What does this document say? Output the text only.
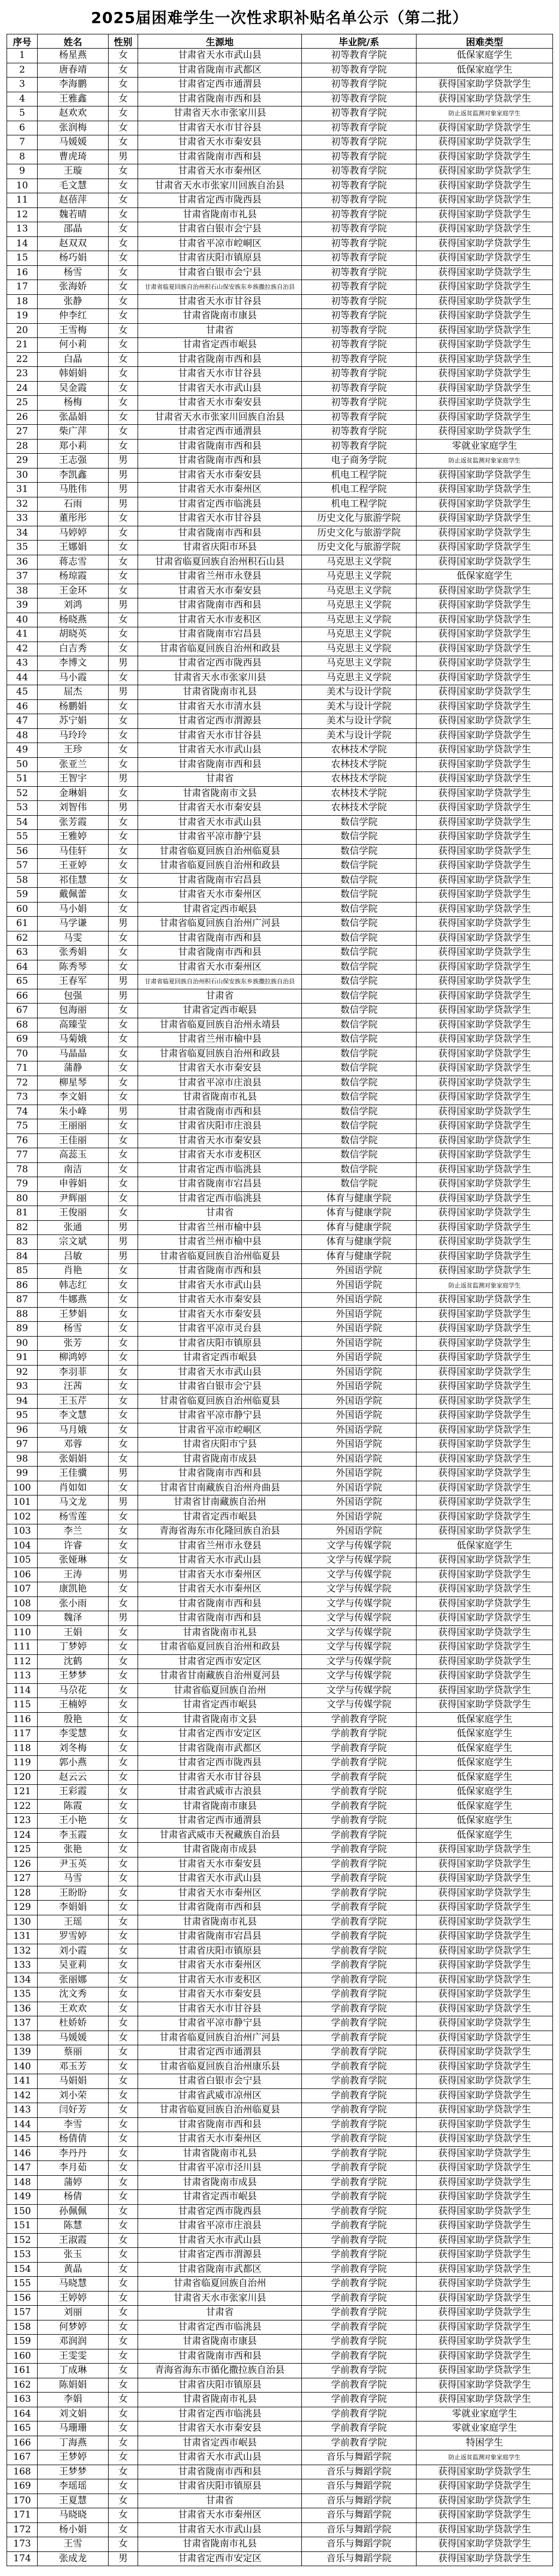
2025届困难学生一次性求职补贴名单公示（第二批）
序号	姓名	性别	生源地	毕业院/系	困难类型
1	杨星燕	女	甘肃省天水市武山县	初等教育学院	低保家庭学生
2	唐春靖	女	甘肃省陇南市武都区	初等教育学院	低保家庭学生
3	李海鹏	女	甘肃省定西市通渭县	初等教育学院	获得国家助学贷款学生
4	王雅鑫	女	甘肃省陇南市西和县	初等教育学院	获得国家助学贷款学生
5	赵欢欢	女	甘肃省天水市张家川县	初等教育学院	防止返贫监测对象家庭学生
6	张润梅	女	甘肃省天水市甘谷县	初等教育学院	获得国家助学贷款学生
7	马媛媛	女	甘肃省天水市秦安县	初等教育学院	获得国家助学贷款学生
8	曹虎琦	男	甘肃省陇南市西和县	初等教育学院	获得国家助学贷款学生
9	王璇	女	甘肃省天水市秦州区	初等教育学院	获得国家助学贷款学生
10	毛文慧	女	甘肃省天水市张家川回族自治县	初等教育学院	获得国家助学贷款学生
11	赵蓓萍	女	甘肃省定西市陇西县	初等教育学院	获得国家助学贷款学生
12	魏若晴	女	甘肃省陇南市礼县	初等教育学院	获得国家助学贷款学生
13	邵晶	女	甘肃省白银市会宁县	初等教育学院	获得国家助学贷款学生
14	赵双双	女	甘肃省平凉市崆峒区	初等教育学院	获得国家助学贷款学生
15	杨巧娟	女	甘肃省庆阳市镇原县	初等教育学院	获得国家助学贷款学生
16	杨雪	女	甘肃省白银市会宁县	初等教育学院	获得国家助学贷款学生
17	张海娇	女	甘肃省临夏回族自治州积石山保安族东乡族撒拉族自治县	初等教育学院	获得国家助学贷款学生
18	张静	女	甘肃省天水市甘谷县	初等教育学院	获得国家助学贷款学生
19	仲李红	女	甘肃省陇南市康县	初等教育学院	获得国家助学贷款学生
20	王雪梅	女	甘肃省	初等教育学院	获得国家助学贷款学生
21	何小莉	女	甘肃省定西市岷县	初等教育学院	获得国家助学贷款学生
22	白晶	女	甘肃省陇南市西和县	初等教育学院	获得国家助学贷款学生
23	韩娟娟	女	甘肃省天水市甘谷县	初等教育学院	获得国家助学贷款学生
24	吴金霞	女	甘肃省天水市武山县	初等教育学院	获得国家助学贷款学生
25	杨梅	女	甘肃省天水市秦安县	初等教育学院	获得国家助学贷款学生
26	张晶娟	女	甘肃省天水市张家川回族自治县	初等教育学院	获得国家助学贷款学生
27	柴广萍	女	甘肃省定西市通渭县	初等教育学院	获得国家助学贷款学生
28	郑小莉	女	甘肃省陇南市西和县	初等教育学院	零就业家庭学生
29	王志强	男	甘肃省陇南市西和县	电子商务学院	防止返贫监测对象家庭学生
30	李凯鑫	男	甘肃省天水市秦安县	机电工程学院	获得国家助学贷款学生
31	马胜伟	男	甘肃省天水市秦州区	机电工程学院	获得国家助学贷款学生
32	石雨	男	甘肃省定西市临洮县	机电工程学院	获得国家助学贷款学生
33	董彤彤	女	甘肃省天水市甘谷县	历史文化与旅游学院	获得国家助学贷款学生
34	马婷婷	女	甘肃省陇南市西和县	历史文化与旅游学院	获得国家助学贷款学生
35	王娜娟	女	甘肃省庆阳市环县	历史文化与旅游学院	获得国家助学贷款学生
36	蒋志雪	女	甘肃省临夏回族自治州积石山县	马克思主义学院	获得国家助学贷款学生
37	杨琼霞	女	甘肃省兰州市永登县	马克思主义学院	低保家庭学生
38	王金环	女	甘肃省天水市秦安县	马克思主义学院	获得国家助学贷款学生
39	刘鸿	男	甘肃省陇南市西和县	马克思主义学院	获得国家助学贷款学生
40	杨晓燕	女	甘肃省天水市麦积区	马克思主义学院	获得国家助学贷款学生
41	胡晓英	女	甘肃省陇南市宕昌县	马克思主义学院	获得国家助学贷款学生
42	白吉秀	女	甘肃省临夏回族自治州和政县	马克思主义学院	获得国家助学贷款学生
43	李博文	男	甘肃省定西市陇西县	马克思主义学院	获得国家助学贷款学生
44	马小霞	女	甘肃省天水市张家川县	马克思主义学院	获得国家助学贷款学生
45	屈杰	男	甘肃省陇南市礼县	美术与设计学院	获得国家助学贷款学生
46	杨鹏娟	女	甘肃省天水市清水县	美术与设计学院	获得国家助学贷款学生
47	苏宁娟	女	甘肃省定西市渭源县	美术与设计学院	获得国家助学贷款学生
48	马玲玲	女	甘肃省天水市甘谷县	美术与设计学院	获得国家助学贷款学生
49	王珍	女	甘肃省天水市武山县	农林技术学院	获得国家助学贷款学生
50	张亚兰	女	甘肃省陇南市西和县	农林技术学院	获得国家助学贷款学生
51	王智宇	男	甘肃省	农林技术学院	获得国家助学贷款学生
52	金琳娟	女	甘肃省陇南市文县	农林技术学院	获得国家助学贷款学生
53	刘智伟	男	甘肃省天水市秦安县	农林技术学院	获得国家助学贷款学生
54	张芳霞	女	甘肃省天水市武山县	数信学院	获得国家助学贷款学生
55	王雅婷	女	甘肃省平凉市静宁县	数信学院	获得国家助学贷款学生
56	马佳轩	女	甘肃省临夏回族自治州临夏县	数信学院	获得国家助学贷款学生
57	王亚婷	女	甘肃省临夏回族自治州和政县	数信学院	获得国家助学贷款学生
58	祁佳慧	女	甘肃省陇南市宕昌县	数信学院	获得国家助学贷款学生
59	戴佩蕾	女	甘肃省天水市秦州区	数信学院	获得国家助学贷款学生
60	马小娟	女	甘肃省定西市岷县	数信学院	获得国家助学贷款学生
61	马学谦	男	甘肃省临夏回族自治州广河县	数信学院	获得国家助学贷款学生
62	马雯	女	甘肃省陇南市西和县	数信学院	获得国家助学贷款学生
63	张秀娟	女	甘肃省陇南市西和县	数信学院	获得国家助学贷款学生
64	陈秀琴	女	甘肃省天水市秦州区	数信学院	获得国家助学贷款学生
65	王春军	男	甘肃省临夏回族自治州积石山保安族东乡族撒拉族自治县	数信学院	获得国家助学贷款学生
66	包强	男	甘肃省	数信学院	获得国家助学贷款学生
67	包海丽	女	甘肃省定西市岷县	数信学院	获得国家助学贷款学生
68	高臻莹	女	甘肃省临夏回族自治州永靖县	数信学院	获得国家助学贷款学生
69	马菊娥	女	甘肃省兰州市榆中县	数信学院	获得国家助学贷款学生
70	马晶晶	女	甘肃省临夏回族自治州和政县	数信学院	获得国家助学贷款学生
71	蒲静	女	甘肃省天水市秦安县	数信学院	获得国家助学贷款学生
72	柳星琴	女	甘肃省平凉市庄浪县	数信学院	获得国家助学贷款学生
73	李文娟	女	甘肃省陇南市礼县	数信学院	获得国家助学贷款学生
74	朱小峰	男	甘肃省陇南市西和县	数信学院	获得国家助学贷款学生
75	王丽丽	女	甘肃省庆阳市庄浪县	数信学院	获得国家助学贷款学生
76	王佳丽	女	甘肃省天水市秦安县	数信学院	获得国家助学贷款学生
77	高蕊玉	女	甘肃省天水市麦积区	数信学院	获得国家助学贷款学生
78	南洁	女	甘肃省定西市临洮县	数信学院	获得国家助学贷款学生
79	申蓉娟	女	甘肃省陇南市宕昌县	数信学院	获得国家助学贷款学生
80	尹辉丽	女	甘肃省定西市临洮县	体育与健康学院	获得国家助学贷款学生
81	王俊丽	女	甘肃省	体育与健康学院	获得国家助学贷款学生
82	张通	男	甘肃省兰州市榆中县	体育与健康学院	获得国家助学贷款学生
83	宗文斌	男	甘肃省兰州市榆中县	体育与健康学院	获得国家助学贷款学生
84	吕敏	男	甘肃省临夏回族自治州临夏县	体育与健康学院	获得国家助学贷款学生
85	肖艳	女	甘肃省陇南市西和县	外国语学院	获得国家助学贷款学生
86	韩志红	女	甘肃省天水市武山县	外国语学院	防止返贫监测对象家庭学生
87	牛娜燕	女	甘肃省天水市秦安县	外国语学院	获得国家助学贷款学生
88	王梦娟	女	甘肃省天水市秦安县	外国语学院	获得国家助学贷款学生
89	杨雪	女	甘肃省平凉市灵台县	外国语学院	获得国家助学贷款学生
90	张芳	女	甘肃省庆阳市镇原县	外国语学院	获得国家助学贷款学生
91	柳鸿婷	女	甘肃省定西市岷县	外国语学院	获得国家助学贷款学生
92	李羽菲	女	甘肃省天水市武山县	外国语学院	获得国家助学贷款学生
93	汪茜	女	甘肃省白银市会宁县	外国语学院	获得国家助学贷款学生
94	王玉芹	女	甘肃省临夏回族自治州临夏县	外国语学院	获得国家助学贷款学生
95	李文慧	女	甘肃省平凉市静宁县	外国语学院	获得国家助学贷款学生
96	马月娥	女	甘肃省平凉市崆峒区	外国语学院	获得国家助学贷款学生
97	邓蓉	女	甘肃省庆阳市宁县	外国语学院	获得国家助学贷款学生
98	张娟娟	女	甘肃省陇南市成县	外国语学院	获得国家助学贷款学生
99	王佳骥	男	甘肃省陇南市西和县	外国语学院	获得国家助学贷款学生
100	肖如如	女	甘肃省甘南藏族自治州舟曲县	外国语学院	获得国家助学贷款学生
101	马文龙	男	甘肃省甘南藏族自治州	外国语学院	获得国家助学贷款学生
102	杨雪莲	女	甘肃省定西市岷县	外国语学院	获得国家助学贷款学生
103	李兰	女	青海省海东市化隆回族自治县	外国语学院	获得国家助学贷款学生
104	许睿	女	甘肃省兰州市永登县	文学与传媒学院	低保家庭学生
105	张娅琳	女	甘肃省天水市武山县	文学与传媒学院	获得国家助学贷款学生
106	王涛	男	甘肃省天水市秦州区	文学与传媒学院	获得国家助学贷款学生
107	康凯艳	女	甘肃省天水市秦州区	文学与传媒学院	获得国家助学贷款学生
108	张小雨	女	甘肃省陇南市西和县	文学与传媒学院	获得国家助学贷款学生
109	魏泽	男	甘肃省陇南市西和县	文学与传媒学院	获得国家助学贷款学生
110	王娟	女	甘肃省陇南市礼县	文学与传媒学院	获得国家助学贷款学生
111	丁梦婷	女	甘肃省临夏回族自治州和政县	文学与传媒学院	获得国家助学贷款学生
112	沈鹤	女	甘肃省定西市安定区	文学与传媒学院	获得国家助学贷款学生
113	王梦梦	女	甘肃省甘南藏族自治州夏河县	文学与传媒学院	获得国家助学贷款学生
114	马尕花	女	甘肃省临夏回族自治州	文学与传媒学院	获得国家助学贷款学生
115	王楠婷	女	甘肃省定西市岷县	文学与传媒学院	获得国家助学贷款学生
116	殷艳	女	甘肃省陇南市文县	学前教育学院	低保家庭学生
117	李雯慧	女	甘肃省定西市安定区	学前教育学院	低保家庭学生
118	刘冬梅	女	甘肃省陇南市武都区	学前教育学院	低保家庭学生
119	郭小燕	女	甘肃省定西市陇西县	学前教育学院	低保家庭学生
120	赵云云	女	甘肃省天水市甘谷县	学前教育学院	低保家庭学生
121	王彩霞	女	甘肃省武威市古浪县	学前教育学院	低保家庭学生
122	陈霞	女	甘肃省陇南市康县	学前教育学院	低保家庭学生
123	王小艳	女	甘肃省定西市通渭县	学前教育学院	低保家庭学生
124	李玉霞	女	甘肃省武威市天祝藏族自治县	学前教育学院	低保家庭学生
125	张艳	女	甘肃省陇南市成县	学前教育学院	获得国家助学贷款学生
126	尹玉英	女	甘肃省天水市秦安县	学前教育学院	获得国家助学贷款学生
127	马雪	女	甘肃省天水市武山县	学前教育学院	获得国家助学贷款学生
128	王盼盼	女	甘肃省天水市秦州区	学前教育学院	获得国家助学贷款学生
129	李娟娟	女	甘肃省陇南市西和县	学前教育学院	获得国家助学贷款学生
130	王瑶	女	甘肃省陇南市礼县	学前教育学院	获得国家助学贷款学生
131	罗雪婷	女	甘肃省陇南市宕昌县	学前教育学院	获得国家助学贷款学生
132	刘小霞	女	甘肃省庆阳市镇原县	学前教育学院	获得国家助学贷款学生
133	吴亚莉	女	甘肃省天水市秦州区	学前教育学院	获得国家助学贷款学生
134	张丽娜	女	甘肃省天水市麦积区	学前教育学院	获得国家助学贷款学生
135	沈文秀	女	甘肃省天水市秦安县	学前教育学院	获得国家助学贷款学生
136	王欢欢	女	甘肃省天水市甘谷县	学前教育学院	获得国家助学贷款学生
137	杜娇娇	女	甘肃省平凉市静宁县	学前教育学院	获得国家助学贷款学生
138	马媛媛	女	甘肃省临夏回族自治州广河县	学前教育学院	获得国家助学贷款学生
139	蔡丽	女	甘肃省定西市通渭县	学前教育学院	获得国家助学贷款学生
140	邓玉芳	女	甘肃省临夏回族自治州康乐县	学前教育学院	获得国家助学贷款学生
141	马娟娟	女	甘肃省白银市会宁县	学前教育学院	获得国家助学贷款学生
142	刘小荣	女	甘肃省武威市凉州区	学前教育学院	获得国家助学贷款学生
143	闫好芳	女	甘肃省临夏回族自治州临夏县	学前教育学院	获得国家助学贷款学生
144	李雪	女	甘肃省陇南市西和县	学前教育学院	获得国家助学贷款学生
145	杨倩倩	女	甘肃省天水市秦州区	学前教育学院	获得国家助学贷款学生
146	李丹丹	女	甘肃省陇南市礼县	学前教育学院	获得国家助学贷款学生
147	李月茹	女	甘肃省平凉市泾川县	学前教育学院	获得国家助学贷款学生
148	蒲婷	女	甘肃省陇南市成县	学前教育学院	获得国家助学贷款学生
149	杨倩	女	甘肃省定西市岷县	学前教育学院	获得国家助学贷款学生
150	孙佩佩	女	甘肃省定西市陇西县	学前教育学院	获得国家助学贷款学生
151	陈慧	女	甘肃省平凉市庄浪县	学前教育学院	获得国家助学贷款学生
152	王淑霞	女	甘肃省天水市武山县	学前教育学院	获得国家助学贷款学生
153	张玉	女	甘肃省定西市渭源县	学前教育学院	获得国家助学贷款学生
154	黄晶	女	甘肃省陇南市武都区	学前教育学院	获得国家助学贷款学生
155	马晓慧	女	甘肃省临夏回族自治州	学前教育学院	获得国家助学贷款学生
156	王婷婷	女	甘肃省天水市张家川县	学前教育学院	获得国家助学贷款学生
157	刘丽	女	甘肃省	学前教育学院	获得国家助学贷款学生
158	何梦婷	女	甘肃省定西市临洮县	学前教育学院	获得国家助学贷款学生
159	邓润润	女	甘肃省陇南市康县	学前教育学院	获得国家助学贷款学生
160	王雯雯	女	甘肃省陇南市西和县	学前教育学院	获得国家助学贷款学生
161	丁成琳	女	青海省海东市循化撒拉族自治县	学前教育学院	获得国家助学贷款学生
162	陈娟娟	女	甘肃省庆阳市镇原县	学前教育学院	获得国家助学贷款学生
163	李娟	女	甘肃省陇南市礼县	学前教育学院	获得国家助学贷款学生
164	刘文娟	女	甘肃省定西市临洮县	学前教育学院	零就业家庭学生
165	马珊珊	女	甘肃省天水市秦安县	学前教育学院	零就业家庭学生
166	丁海燕	女	甘肃省定西市岷县	学前教育学院	特困学生
167	王梦婷	女	甘肃省天水市武山县	音乐与舞蹈学院	防止返贫监测对象家庭学生
168	王梦梦	女	甘肃省陇南市西和县	音乐与舞蹈学院	获得国家助学贷款学生
169	李瑶瑶	女	甘肃省庆阳市镇原县	音乐与舞蹈学院	获得国家助学贷款学生
170	王夏慧	女	甘肃省	音乐与舞蹈学院	获得国家助学贷款学生
171	马晓晓	女	甘肃省天水市秦州区	音乐与舞蹈学院	获得国家助学贷款学生
172	杨小娟	女	甘肃省天水市武山县	音乐与舞蹈学院	获得国家助学贷款学生
173	王雪	女	甘肃省陇南市礼县	音乐与舞蹈学院	获得国家助学贷款学生
174	张成龙	男	甘肃省定西市安定区	音乐与舞蹈学院	获得国家助学贷款学生
